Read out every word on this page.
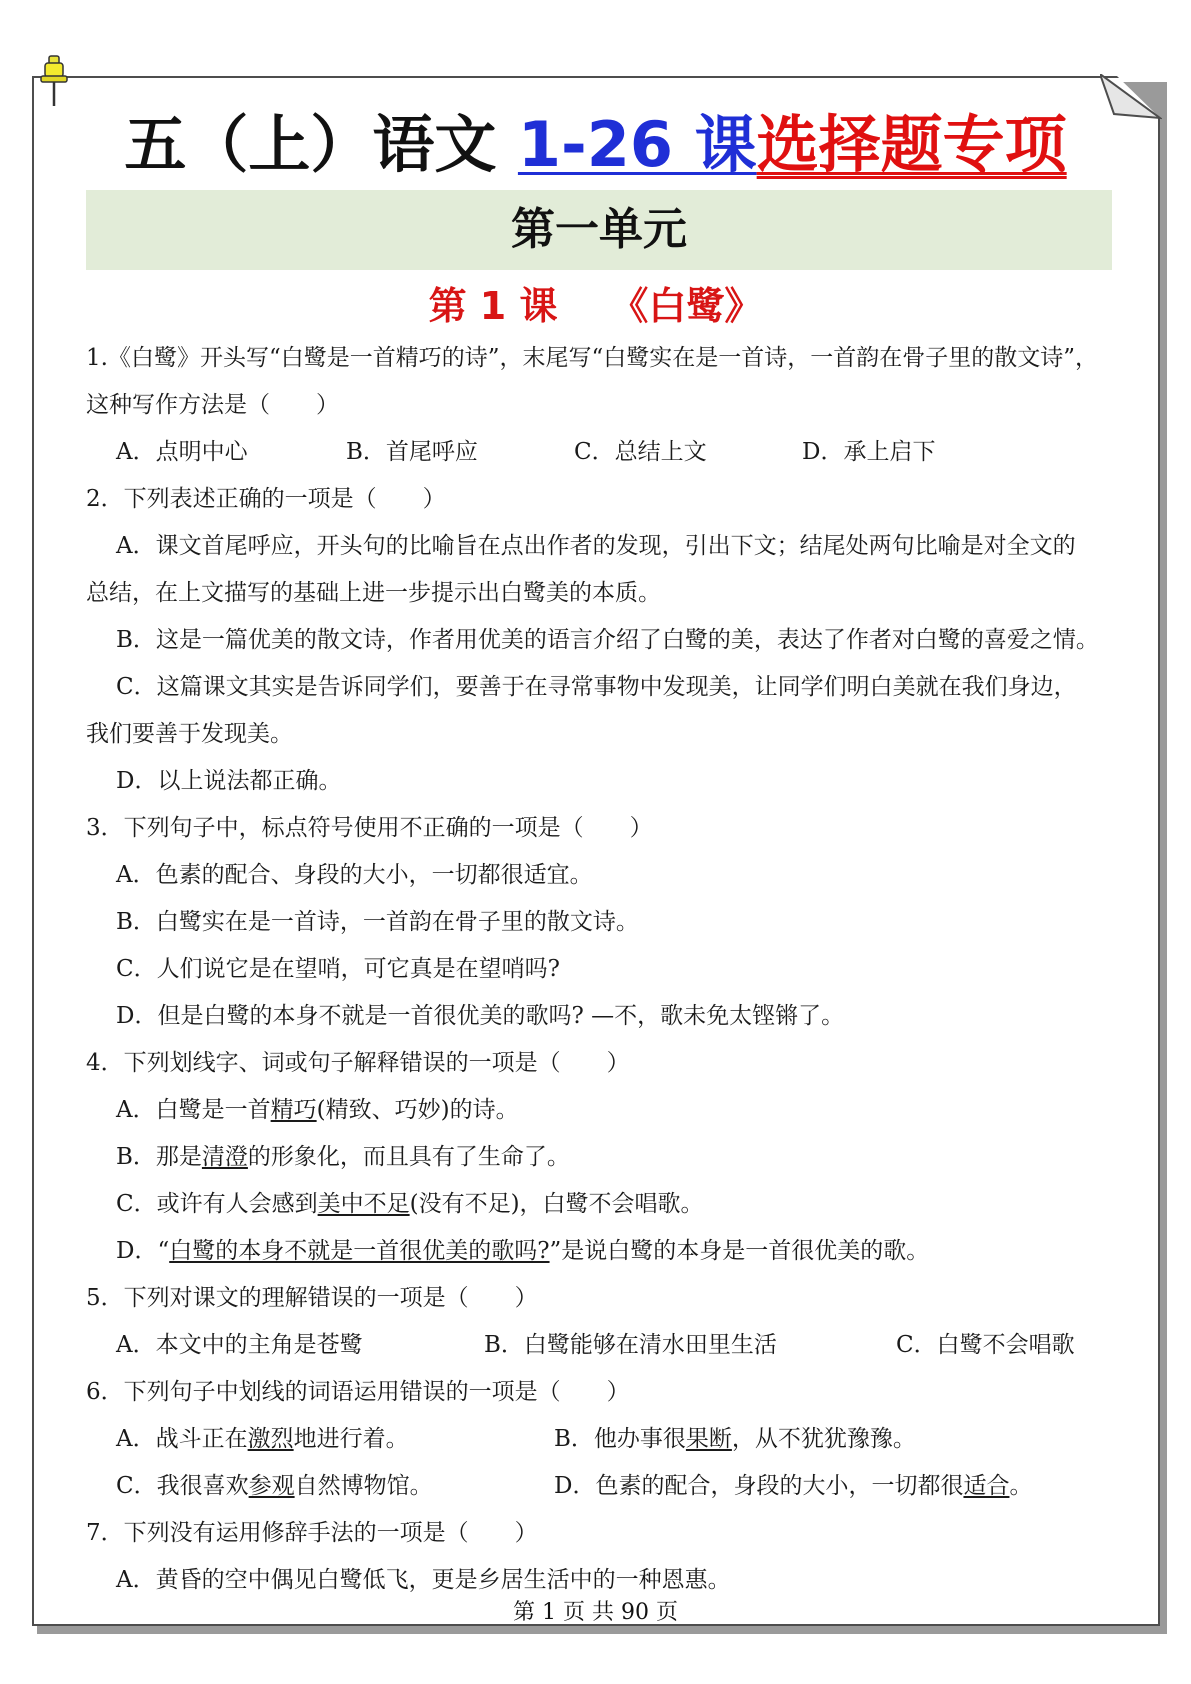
五（上）语文 1-26 课选择题专项
第一单元
第 1 课    《白鹭》
1.《白鹭》开头写“白鹭是一首精巧的诗”，末尾写“白鹭实在是一首诗，一首韵在骨子里的散文诗”，
这种写作方法是（　　）
A．点明中心	B．首尾呼应	C．总结上文	D．承上启下
2．下列表述正确的一项是（　　）
A．课文首尾呼应，开头句的比喻旨在点出作者的发现，引出下文；结尾处两句比喻是对全文的
总结，在上文描写的基础上进一步提示出白鹭美的本质。
B．这是一篇优美的散文诗，作者用优美的语言介绍了白鹭的美，表达了作者对白鹭的喜爱之情。
C．这篇课文其实是告诉同学们，要善于在寻常事物中发现美，让同学们明白美就在我们身边，
我们要善于发现美。
D．以上说法都正确。
3．下列句子中，标点符号使用不正确的一项是（　　）
A．色素的配合、身段的大小，一切都很适宜。
B．白鹭实在是一首诗，一首韵在骨子里的散文诗。
C．人们说它是在望哨，可它真是在望哨吗?
D．但是白鹭的本身不就是一首很优美的歌吗? —不，歌未免太铿锵了。
4．下列划线字、词或句子解释错误的一项是（　　）
A．白鹭是一首精巧(精致、巧妙)的诗。
B．那是清澄的形象化，而且具有了生命了。
C．或许有人会感到美中不足(没有不足)，白鹭不会唱歌。
D．“白鹭的本身不就是一首很优美的歌吗?”是说白鹭的本身是一首很优美的歌。
5．下列对课文的理解错误的一项是（　　）
A．本文中的主角是苍鹭	B．白鹭能够在清水田里生活	C．白鹭不会唱歌
6．下列句子中划线的词语运用错误的一项是（　　）
A．战斗正在激烈地进行着。	B．他办事很果断，从不犹犹豫豫。
C．我很喜欢参观自然博物馆。	D．色素的配合，身段的大小，一切都很适合。
7．下列没有运用修辞手法的一项是（　　）
A．黄昏的空中偶见白鹭低飞，更是乡居生活中的一种恩惠。
第 1 页 共 90 页
